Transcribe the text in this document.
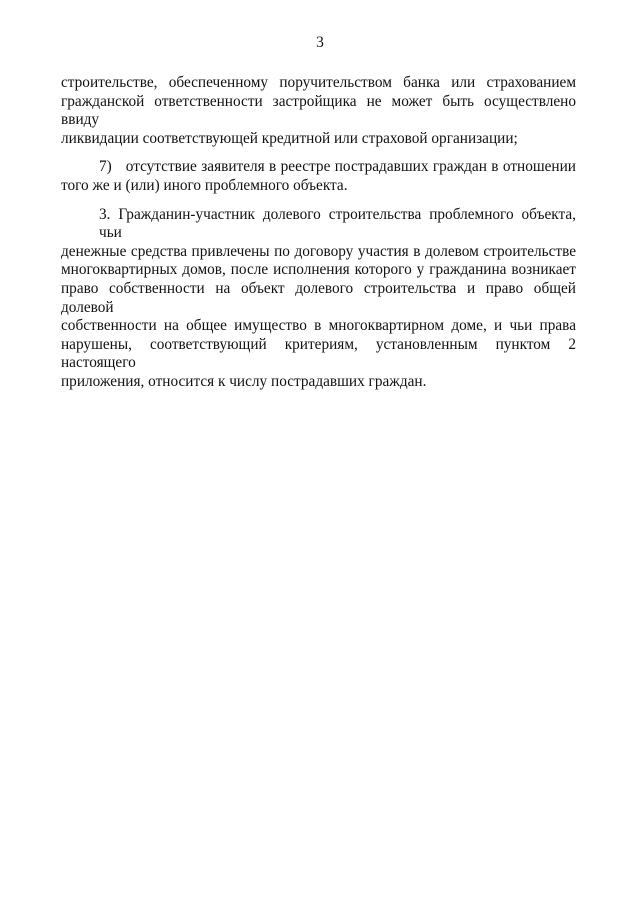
3
строительстве, обеспеченному поручительством банка или страхованием
гражданской ответственности застройщика не может быть осуществлено ввиду
ликвидации соответствующей кредитной или страховой организации;
7) отсутствие заявителя в реестре пострадавших граждан в отношении
того же и (или) иного проблемного объекта.
3. Гражданин-участник долевого строительства проблемного объекта, чьи
денежные средства привлечены по договору участия в долевом строительстве
многоквартирных домов, после исполнения которого у гражданина возникает
право собственности на объект долевого строительства и право общей долевой
собственности на общее имущество в многоквартирном доме, и чьи права
нарушены, соответствующий критериям, установленным пунктом 2 настоящего
приложения, относится к числу пострадавших граждан.
